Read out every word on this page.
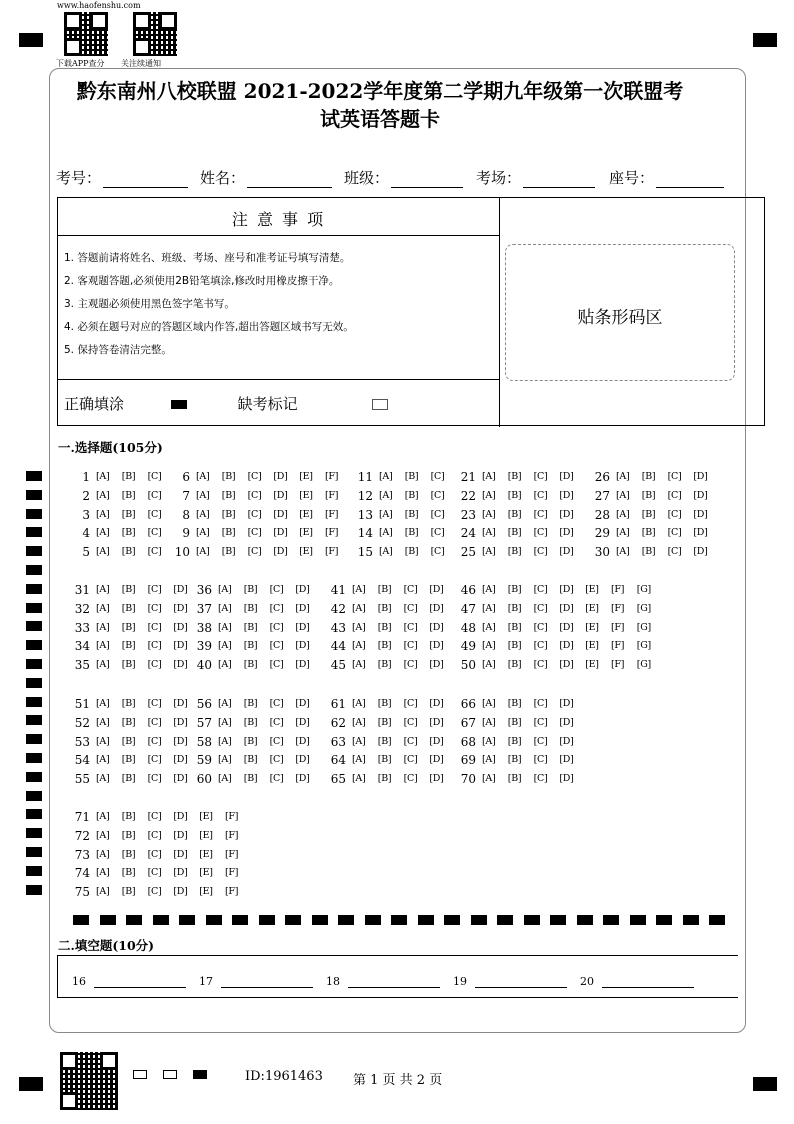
www.haofenshu.com
下载APP查分 关注续通知
黔东南州八校联盟 2021-2022学年度第二学期九年级第一次联盟考
试英语答题卡
考号：	姓名：	班级：	考场：	座号：
注 意 事 项
1. 答题前请将姓名、班级、考场、座号和准考证号填写清楚。
2. 客观题答题,必须使用2B铅笔填涂,修改时用橡皮擦干净。
3. 主观题必须使用黑色签字笔书写。
4. 必须在题号对应的答题区域内作答,超出答题区域书写无效。
5. 保持答卷清洁完整。
正确填涂	缺考标记
贴条形码区
一.选择题(105分)
1 [A] [B] [C]
2 [A] [B] [C]
3 [A] [B] [C]
4 [A] [B] [C]
5 [A] [B] [C]
6 [A] [B] [C] [D] [E] [F]
7 [A] [B] [C] [D] [E] [F]
8 [A] [B] [C] [D] [E] [F]
9 [A] [B] [C] [D] [E] [F]
10 [A] [B] [C] [D] [E] [F]
11 [A] [B] [C]
12 [A] [B] [C]
13 [A] [B] [C]
14 [A] [B] [C]
15 [A] [B] [C]
21 [A] [B] [C] [D]
22 [A] [B] [C] [D]
23 [A] [B] [C] [D]
24 [A] [B] [C] [D]
25 [A] [B] [C] [D]
26 [A] [B] [C] [D]
27 [A] [B] [C] [D]
28 [A] [B] [C] [D]
29 [A] [B] [C] [D]
30 [A] [B] [C] [D]
31 [A] [B] [C] [D]
32 [A] [B] [C] [D]
33 [A] [B] [C] [D]
34 [A] [B] [C] [D]
35 [A] [B] [C] [D]
36 [A] [B] [C] [D]
37 [A] [B] [C] [D]
38 [A] [B] [C] [D]
39 [A] [B] [C] [D]
40 [A] [B] [C] [D]
41 [A] [B] [C] [D]
42 [A] [B] [C] [D]
43 [A] [B] [C] [D]
44 [A] [B] [C] [D]
45 [A] [B] [C] [D]
46 [A] [B] [C] [D] [E] [F] [G]
47 [A] [B] [C] [D] [E] [F] [G]
48 [A] [B] [C] [D] [E] [F] [G]
49 [A] [B] [C] [D] [E] [F] [G]
50 [A] [B] [C] [D] [E] [F] [G]
51 [A] [B] [C] [D]
52 [A] [B] [C] [D]
53 [A] [B] [C] [D]
54 [A] [B] [C] [D]
55 [A] [B] [C] [D]
56 [A] [B] [C] [D]
57 [A] [B] [C] [D]
58 [A] [B] [C] [D]
59 [A] [B] [C] [D]
60 [A] [B] [C] [D]
61 [A] [B] [C] [D]
62 [A] [B] [C] [D]
63 [A] [B] [C] [D]
64 [A] [B] [C] [D]
65 [A] [B] [C] [D]
66 [A] [B] [C] [D]
67 [A] [B] [C] [D]
68 [A] [B] [C] [D]
69 [A] [B] [C] [D]
70 [A] [B] [C] [D]
71 [A] [B] [C] [D] [E] [F]
72 [A] [B] [C] [D] [E] [F]
73 [A] [B] [C] [D] [E] [F]
74 [A] [B] [C] [D] [E] [F]
75 [A] [B] [C] [D] [E] [F]
二.填空题(10分)
16	17	18	19	20
ID:1961463 第 1 页 共 2 页
